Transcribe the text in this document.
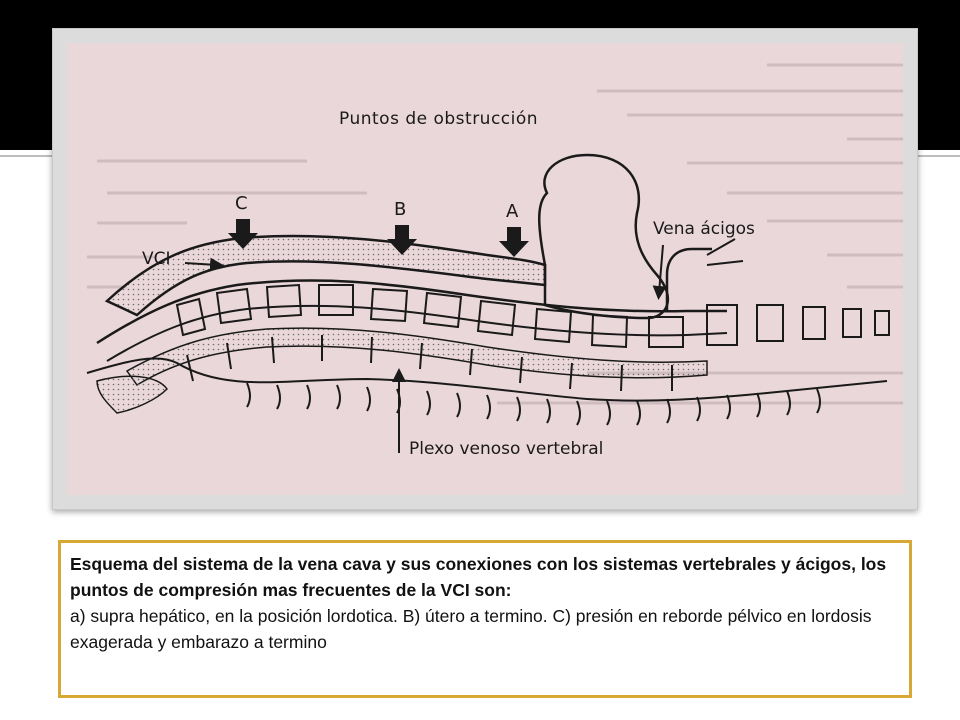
Puntos de obstrucción
C	B	A
VCI
Vena ácigos
Plexo venoso vertebral

Esquema del sistema de la vena cava y sus conexiones con los sistemas vertebrales y ácigos, los puntos de compresión mas frecuentes de la VCI son:

a) supra hepático, en la posición lordotica. B) útero a termino. C) presión en reborde pélvico en lordosis exagerada y embarazo a termino
